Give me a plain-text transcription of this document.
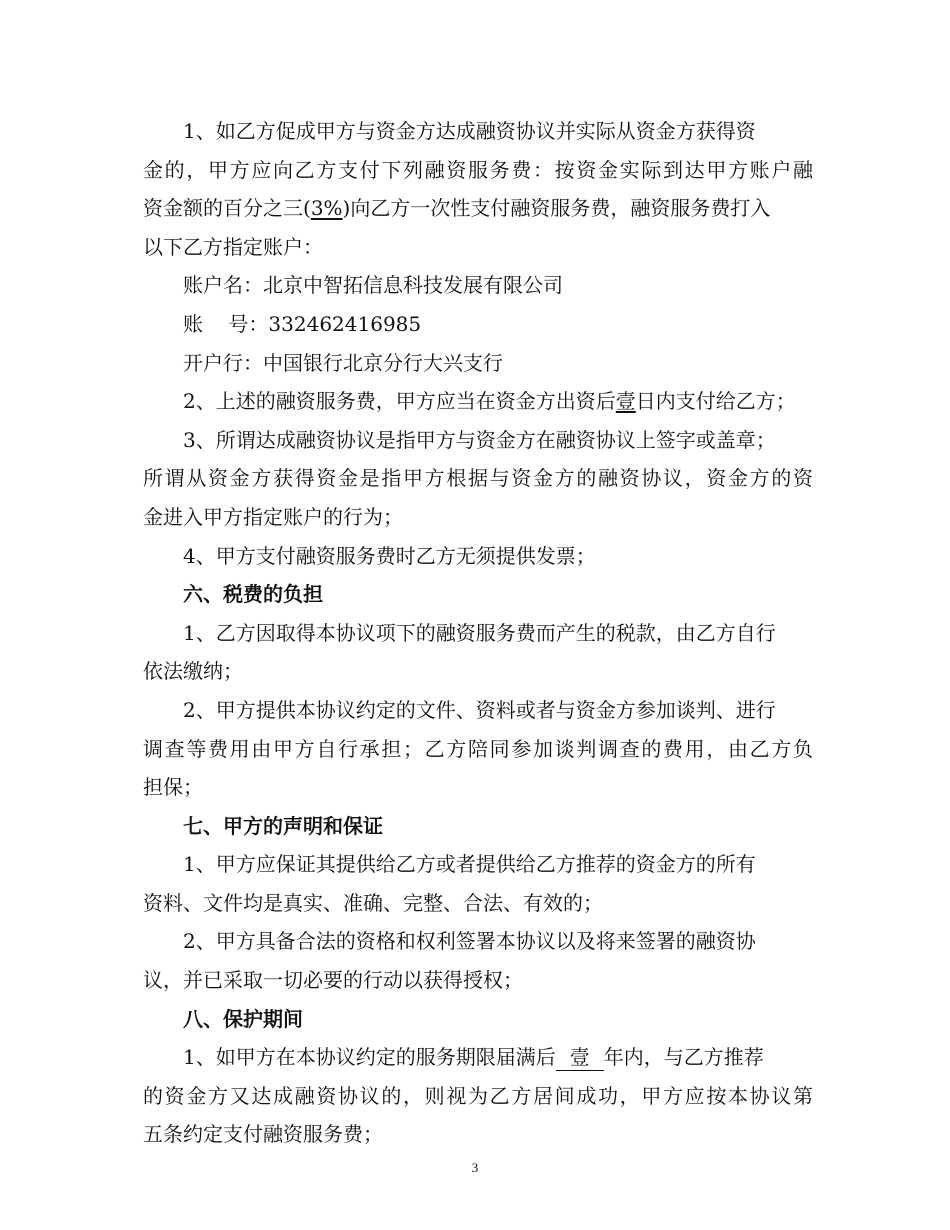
1、如乙方促成甲方与资金方达成融资协议并实际从资金方获得资
金的，甲方应向乙方支付下列融资服务费：按资金实际到达甲方账户融
资金额的百分之三(3%)向乙方一次性支付融资服务费，融资服务费打入
以下乙方指定账户：
账户名：北京中智拓信息科技发展有限公司
账    号：332462416985
开户行：中国银行北京分行大兴支行
2、上述的融资服务费，甲方应当在资金方出资后壹日内支付给乙方；
3、所谓达成融资协议是指甲方与资金方在融资协议上签字或盖章；
所谓从资金方获得资金是指甲方根据与资金方的融资协议，资金方的资
金进入甲方指定账户的行为；
4、甲方支付融资服务费时乙方无须提供发票；
六、税费的负担
1、乙方因取得本协议项下的融资服务费而产生的税款，由乙方自行
依法缴纳；
2、甲方提供本协议约定的文件、资料或者与资金方参加谈判、进行
调查等费用由甲方自行承担；乙方陪同参加谈判调查的费用，由乙方负
担保；
七、甲方的声明和保证
1、甲方应保证其提供给乙方或者提供给乙方推荐的资金方的所有
资料、文件均是真实、准确、完整、合法、有效的；
2、甲方具备合法的资格和权利签署本协议以及将来签署的融资协
议，并已采取一切必要的行动以获得授权；
八、保护期间
1、如甲方在本协议约定的服务期限届满后 壹 年内，与乙方推荐
的资金方又达成融资协议的，则视为乙方居间成功，甲方应按本协议第
五条约定支付融资服务费；
3
